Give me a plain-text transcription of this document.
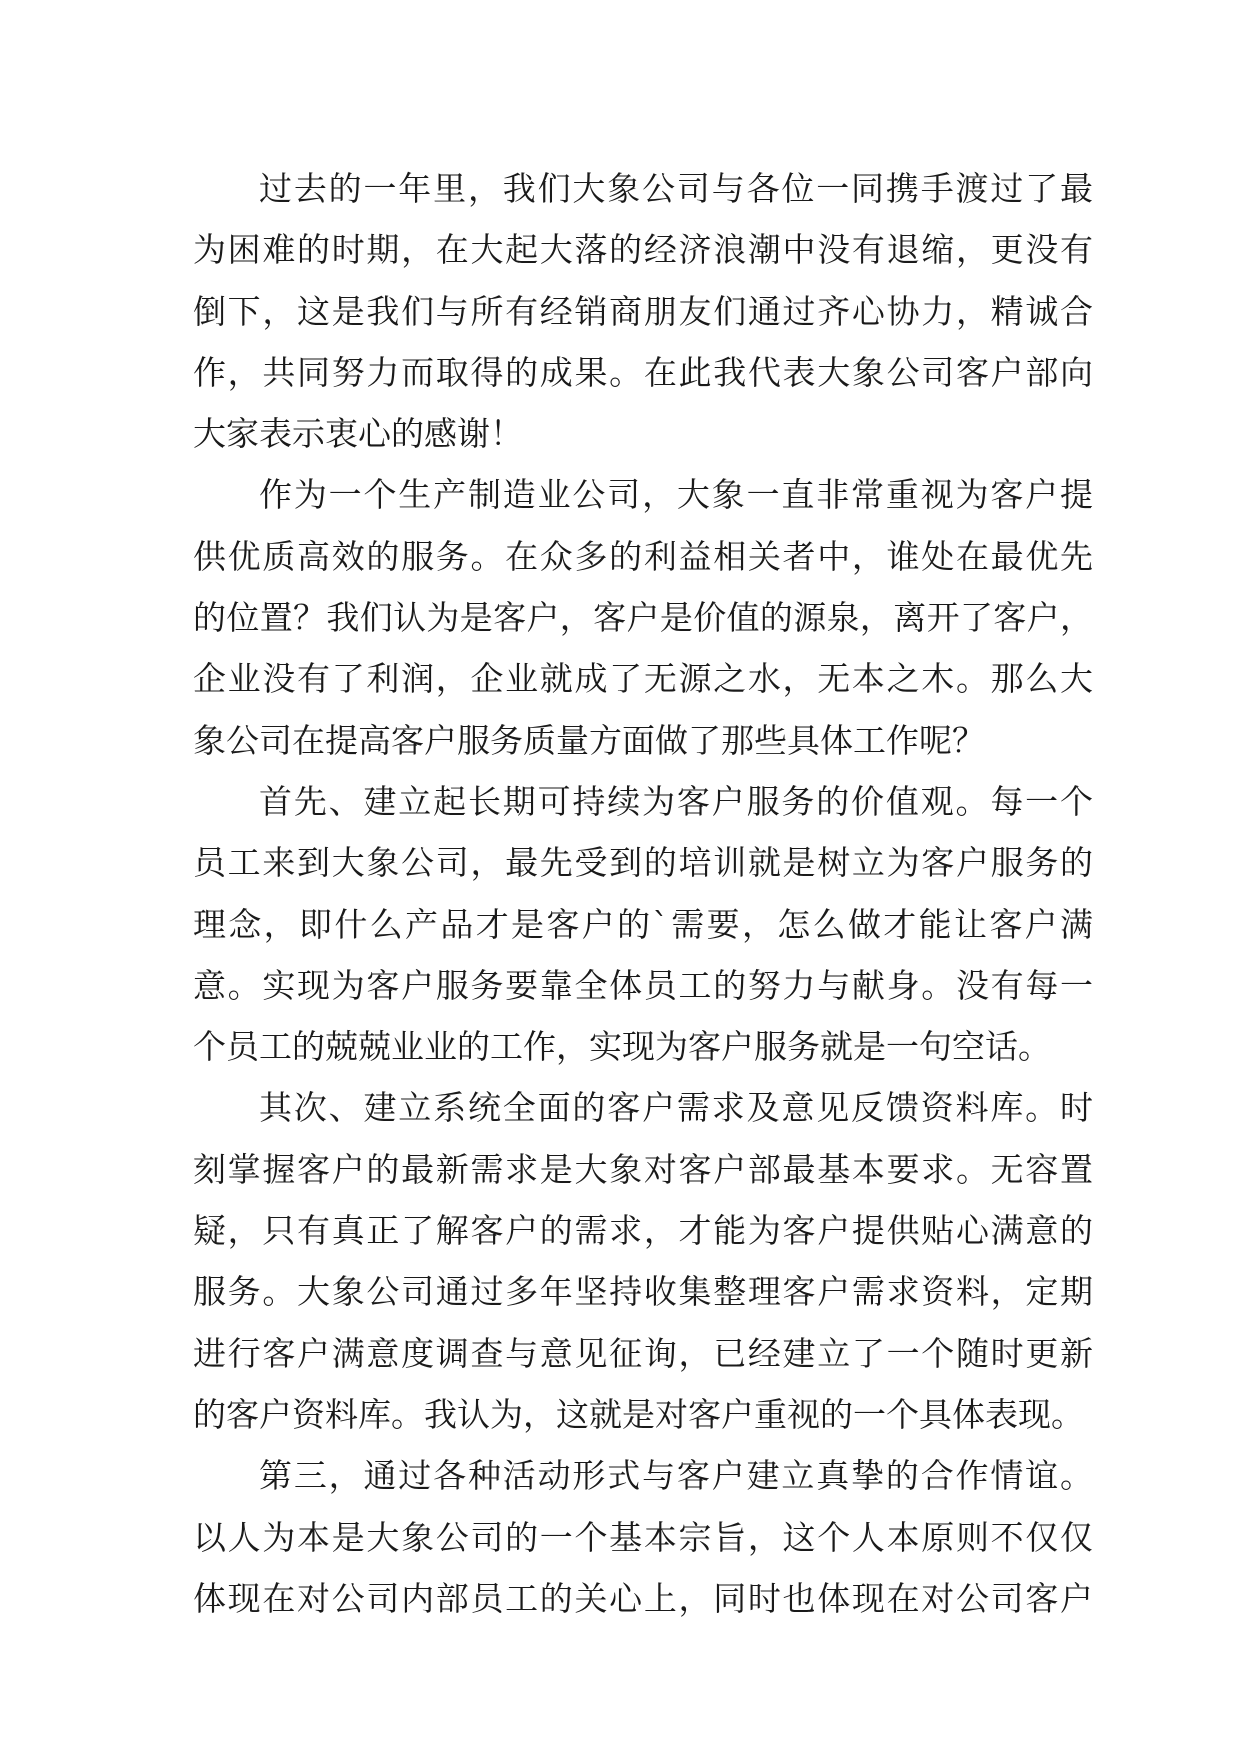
过去的一年里，我们大象公司与各位一同携手渡过了最
为困难的时期，在大起大落的经济浪潮中没有退缩，更没有
倒下，这是我们与所有经销商朋友们通过齐心协力，精诚合
作，共同努力而取得的成果。在此我代表大象公司客户部向
大家表示衷心的感谢！
作为一个生产制造业公司，大象一直非常重视为客户提
供优质高效的服务。在众多的利益相关者中，谁处在最优先
的位置？我们认为是客户，客户是价值的源泉，离开了客户，
企业没有了利润，企业就成了无源之水，无本之木。那么大
象公司在提高客户服务质量方面做了那些具体工作呢？
首先、建立起长期可持续为客户服务的价值观。每一个
员工来到大象公司，最先受到的培训就是树立为客户服务的
理念，即什么产品才是客户的`需要，怎么做才能让客户满
意。实现为客户服务要靠全体员工的努力与献身。没有每一
个员工的兢兢业业的工作，实现为客户服务就是一句空话。
其次、建立系统全面的客户需求及意见反馈资料库。时
刻掌握客户的最新需求是大象对客户部最基本要求。无容置
疑，只有真正了解客户的需求，才能为客户提供贴心满意的
服务。大象公司通过多年坚持收集整理客户需求资料，定期
进行客户满意度调查与意见征询，已经建立了一个随时更新
的客户资料库。我认为，这就是对客户重视的一个具体表现。
第三，通过各种活动形式与客户建立真挚的合作情谊。
以人为本是大象公司的一个基本宗旨，这个人本原则不仅仅
体现在对公司内部员工的关心上，同时也体现在对公司客户
